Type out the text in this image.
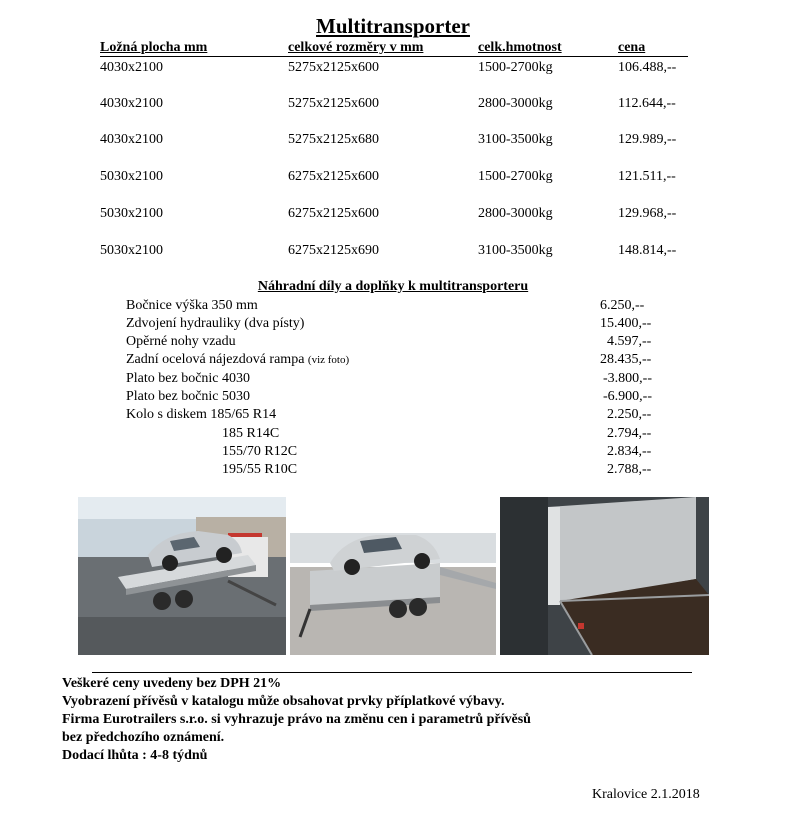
Multitransporter
Ložná plocha mm	celkové rozměry v mm	celk.hmotnost	cena
4030x2100	5275x2125x600	1500-2700kg	106.488,--
4030x2100	5275x2125x600	2800-3000kg	112.644,--
4030x2100	5275x2125x680	3100-3500kg	129.989,--
5030x2100	6275x2125x600	1500-2700kg	121.511,--
5030x2100	6275x2125x600	2800-3000kg	129.968,--
5030x2100	6275x2125x690	3100-3500kg	148.814,--
Náhradní díly a doplňky k multitransporteru
Bočnice výška 350 mm	6.250,--
Zdvojení hydrauliky (dva písty)	15.400,--
Opěrné nohy vzadu	4.597,--
Zadní ocelová nájezdová rampa (viz foto)	28.435,--
Plato bez bočnic 4030	-3.800,--
Plato bez bočnic 5030	-6.900,--
Kolo s diskem 185/65 R14	2.250,--
185 R14C	2.794,--
155/70 R12C	2.834,--
195/55 R10C	2.788,--
Veškeré ceny uvedeny bez DPH 21%
Vyobrazení přívěsů v katalogu může obsahovat prvky příplatkové výbavy.
Firma Eurotrailers s.r.o. si vyhrazuje právo na změnu cen i parametrů přívěsů
bez předchozího oznámení.
Dodací lhůta : 4-8 týdnů
Kralovice 2.1.2018
